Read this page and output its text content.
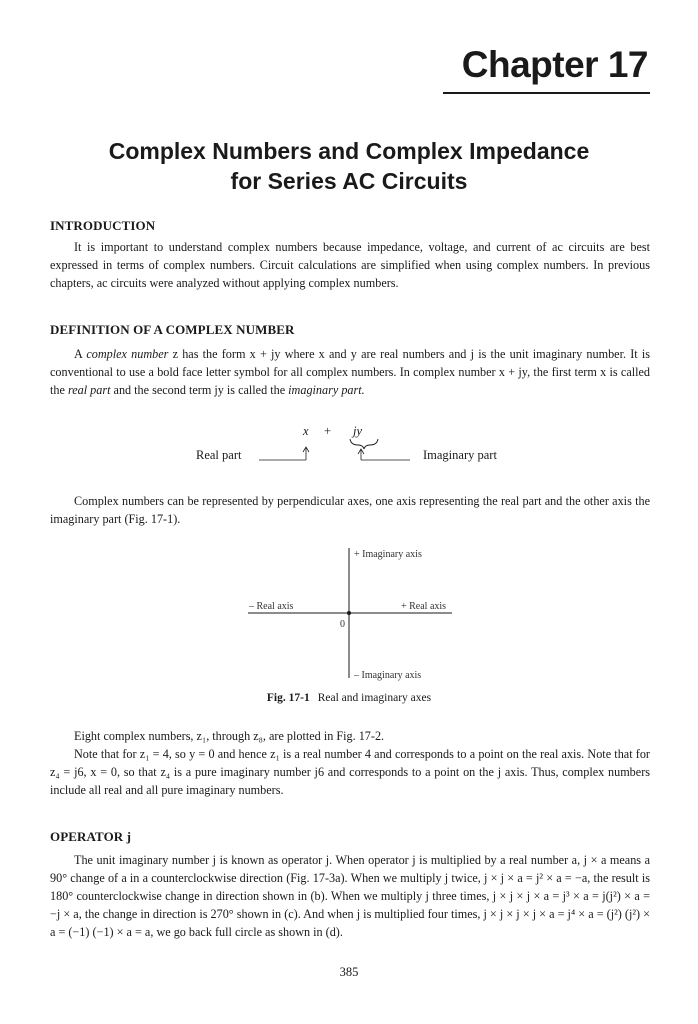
Chapter 17
Complex Numbers and Complex Impedance
for Series AC Circuits
INTRODUCTION

It is important to understand complex numbers because impedance, voltage, and current of ac circuits are best expressed in terms of complex numbers. Circuit calculations are simplified when using complex numbers. In previous chapters, ac circuits were analyzed without applying complex numbers.

DEFINITION OF A COMPLEX NUMBER

A complex number z has the form x + jy where x and y are real numbers and j is the unit imaginary number. It is conventional to use a bold face letter symbol for all complex numbers. In complex number x + jy, the first term x is called the real part and the second term jy is called the imaginary part.

x + jy
Real part	Imaginary part

Complex numbers can be represented by perpendicular axes, one axis representing the real part and the other axis the imaginary part (Fig. 17-1).

+ Imaginary axis
– Imaginary axis
– Real axis	+ Real axis
0
Fig. 17-1 Real and imaginary axes

Eight complex numbers, z₁, through z₈, are plotted in Fig. 17-2.

Note that for z₁ = 4, so y = 0 and hence z₁ is a real number 4 and corresponds to a point on the real axis. Note that for z₄ = j6, x = 0, so that z₄ is a pure imaginary number j6 and corresponds to a point on the j axis. Thus, complex numbers include all real and all pure imaginary numbers.

OPERATOR j

The unit imaginary number j is known as operator j. When operator j is multiplied by a real number a, j × a means a 90° change of a in a counterclockwise direction (Fig. 17-3a). When we multiply j twice, j × j × a = j² × a = −a, the result is 180° counterclockwise change in direction shown in (b). When we multiply j three times, j × j × j × a = j³ × a = j(j²) × a = −j × a, the change in direction is 270° shown in (c). And when j is multiplied four times, j × j × j × j × a = j⁴ × a = (j²) (j²) × a = (−1) (−1) × a = a, we go back full circle as shown in (d).

385
